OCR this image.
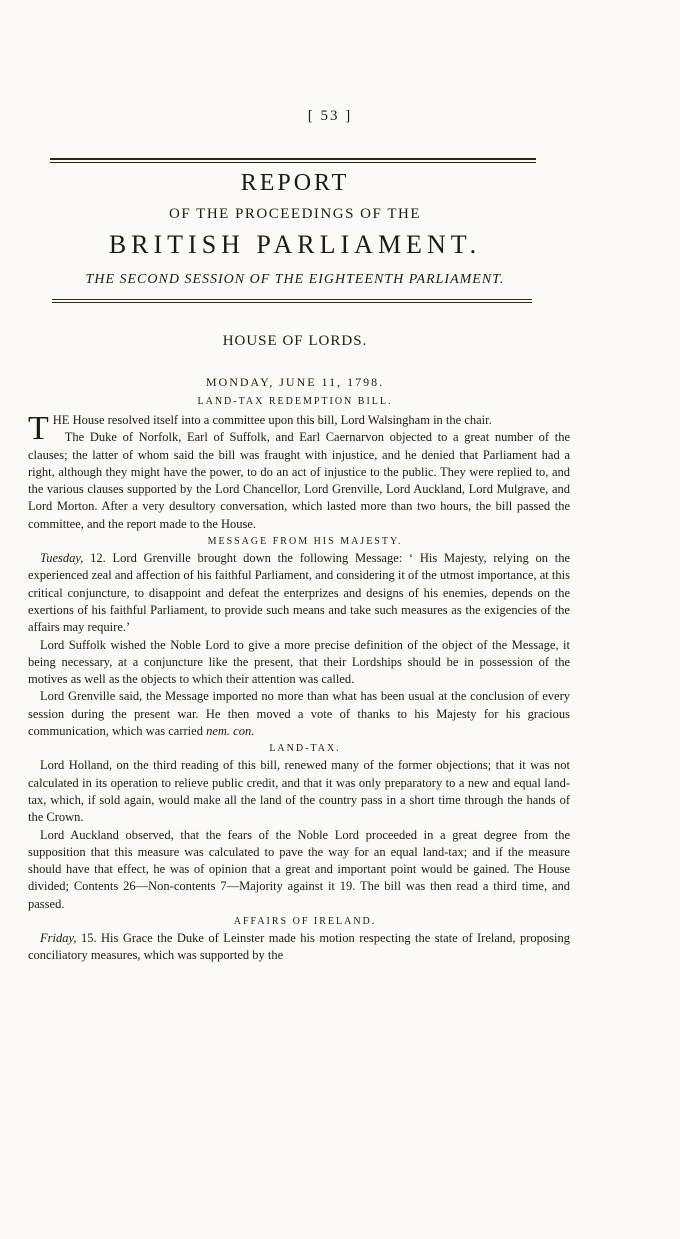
[ 53 ]
REPORT
OF THE PROCEEDINGS OF THE
BRITISH PARLIAMENT.
THE SECOND SESSION OF THE EIGHTEENTH PARLIAMENT.
HOUSE OF LORDS.
MONDAY, JUNE 11, 1798.
LAND-TAX REDEMPTION BILL.

THE House resolved itself into a committee upon this bill, Lord Walsingham in the chair.

The Duke of Norfolk, Earl of Suffolk, and Earl Caernarvon objected to a great number of the clauses; the latter of whom said the bill was fraught with injustice, and he denied that Parliament had a right, although they might have the power, to do an act of injustice to the public. They were replied to, and the various clauses supported by the Lord Chancellor, Lord Grenville, Lord Auckland, Lord Mulgrave, and Lord Morton. After a very desultory conversation, which lasted more than two hours, the bill passed the committee, and the report made to the House.

MESSAGE FROM HIS MAJESTY.

Tuesday, 12. Lord Grenville brought down the following Message: ‘ His Majesty, relying on the experienced zeal and affection of his faithful Parliament, and considering it of the utmost importance, at this critical conjuncture, to disappoint and defeat the enterprizes and designs of his enemies, depends on the exertions of his faithful Parliament, to provide such means and take such measures as the exigencies of the affairs may require.’

Lord Suffolk wished the Noble Lord to give a more precise definition of the object of the Message, it being necessary, at a conjuncture like the present, that their Lordships should be in possession of the motives as well as the objects to which their attention was called.

Lord Grenville said, the Message imported no more than what has been usual at the conclusion of every session during the present war. He then moved a vote of thanks to his Majesty for his gracious communication, which was carried nem. con.

LAND-TAX.

Lord Holland, on the third reading of this bill, renewed many of the former objections; that it was not calculated in its operation to relieve public credit, and that it was only preparatory to a new and equal land-tax, which, if sold again, would make all the land of the country pass in a short time through the hands of the Crown.

Lord Auckland observed, that the fears of the Noble Lord proceeded in a great degree from the supposition that this measure was calculated to pave the way for an equal land-tax; and if the measure should have that effect, he was of opinion that a great and important point would be gained. The House divided; Contents 26—Non-contents 7—Majority against it 19. The bill was then read a third time, and passed.

AFFAIRS OF IRELAND.

Friday, 15. His Grace the Duke of Leinster made his motion respecting the state of Ireland, proposing conciliatory measures, which was supported by the
